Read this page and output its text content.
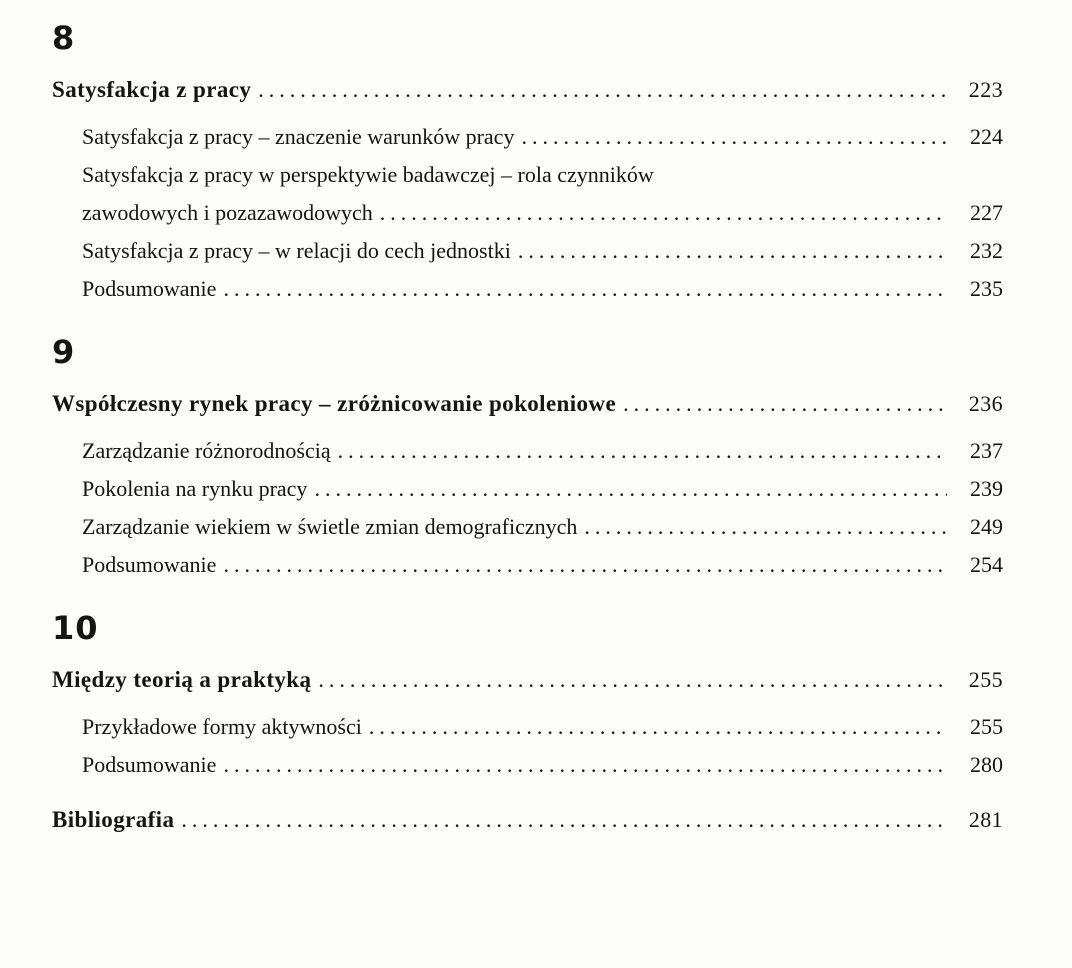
8
Satysfakcja z pracy .....	223
Satysfakcja z pracy – znaczenie warunków pracy .....	224
Satysfakcja z pracy w perspektywie badawczej – rola czynników
zawodowych i pozazawodowych .....	227
Satysfakcja z pracy – w relacji do cech jednostki .....	232
Podsumowanie .....	235
9
Współczesny rynek pracy – zróżnicowanie pokoleniowe .....	236
Zarządzanie różnorodnością .....	237
Pokolenia na rynku pracy .....	239
Zarządzanie wiekiem w świetle zmian demograficznych .....	249
Podsumowanie .....	254
10
Między teorią a praktyką .....	255
Przykładowe formy aktywności .....	255
Podsumowanie .....	280
Bibliografia .....	281
